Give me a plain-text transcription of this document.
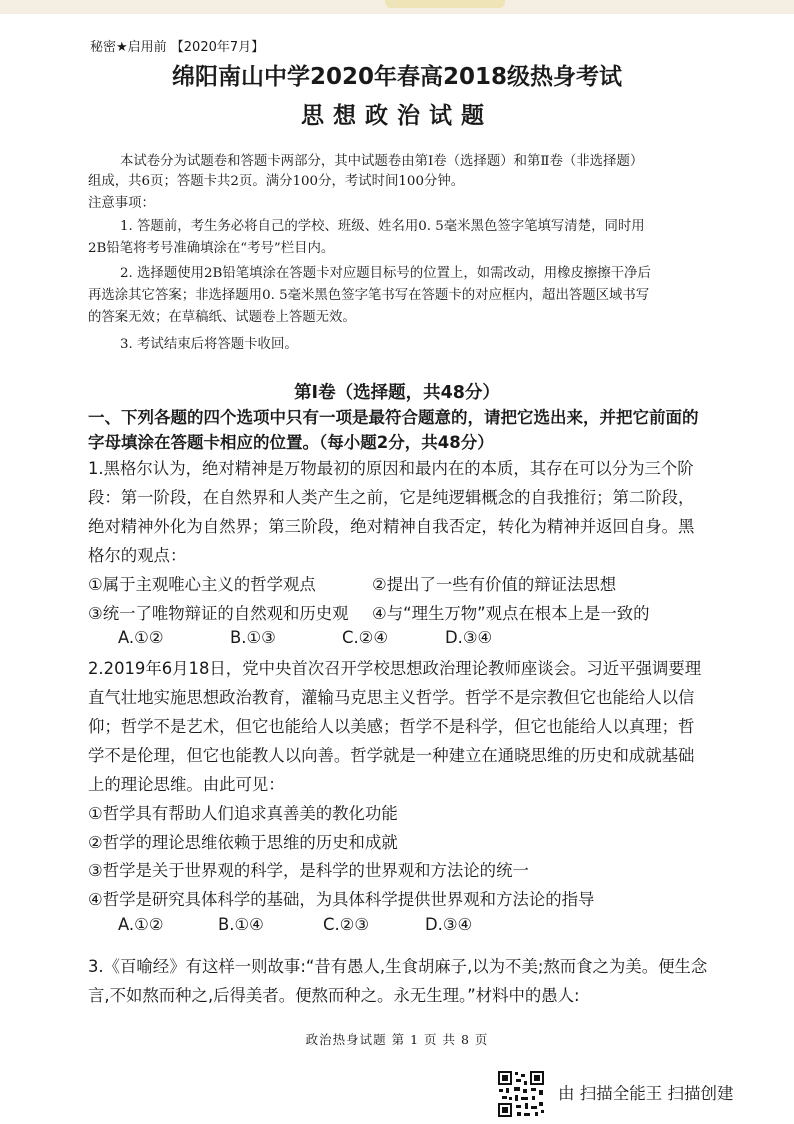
秘密★启用前 【2020年7月】
绵阳南山中学2020年春高2018级热身考试
思想政治试题

本试卷分为试题卷和答题卡两部分，其中试题卷由第Ⅰ卷（选择题）和第Ⅱ卷（非选择题）

组成，共6页；答题卡共2页。满分100分，考试时间100分钟。

注意事项：

1. 答题前，考生务必将自己的学校、班级、姓名用0. 5毫米黑色签字笔填写清楚，同时用

2B铅笔将考号准确填涂在“考号”栏目内。

2. 选择题使用2B铅笔填涂在答题卡对应题目标号的位置上，如需改动，用橡皮擦擦干净后

再选涂其它答案；非选择题用0. 5毫米黑色签字笔书写在答题卡的对应框内，超出答题区域书写

的答案无效；在草稿纸、试题卷上答题无效。

3. 考试结束后将答题卡收回。

第Ⅰ卷（选择题，共48分）
一、下列各题的四个选项中只有一项是最符合题意的，请把它选出来，并把它前面的
字母填涂在答题卡相应的位置。（每小题2分，共48分）

1.黑格尔认为，绝对精神是万物最初的原因和最内在的本质，其存在可以分为三个阶

段：第一阶段，在自然界和人类产生之前，它是纯逻辑概念的自我推衍；第二阶段，

绝对精神外化为自然界；第三阶段，绝对精神自我否定，转化为精神并返回自身。黑

格尔的观点：

①属于主观唯心主义的哲学观点	②提出了一些有价值的辩证法思想

③统一了唯物辩证的自然观和历史观 ④与“理生万物”观点在根本上是一致的

A.①②	B.①③	C.②④	D.③④

2.2019年6月18日，党中央首次召开学校思想政治理论教师座谈会。习近平强调要理

直气壮地实施思想政治教育，灌输马克思主义哲学。哲学不是宗教但它也能给人以信

仰；哲学不是艺术，但它也能给人以美感；哲学不是科学，但它也能给人以真理；哲

学不是伦理，但它也能教人以向善。哲学就是一种建立在通晓思维的历史和成就基础

上的理论思维。由此可见：

①哲学具有帮助人们追求真善美的教化功能

②哲学的理论思维依赖于思维的历史和成就

③哲学是关于世界观的科学，是科学的世界观和方法论的统一

④哲学是研究具体科学的基础，为具体科学提供世界观和方法论的指导

A.①②	B.①④	C.②③	D.③④

3.《百喻经》有这样一则故事:“昔有愚人,生食胡麻子,以为不美;熬而食之为美。便生念

言,不如熬而种之,后得美者。便熬而种之。永无生理。”材料中的愚人:

政治热身试题 第 1 页 共 8 页
由 扫描全能王 扫描创建
